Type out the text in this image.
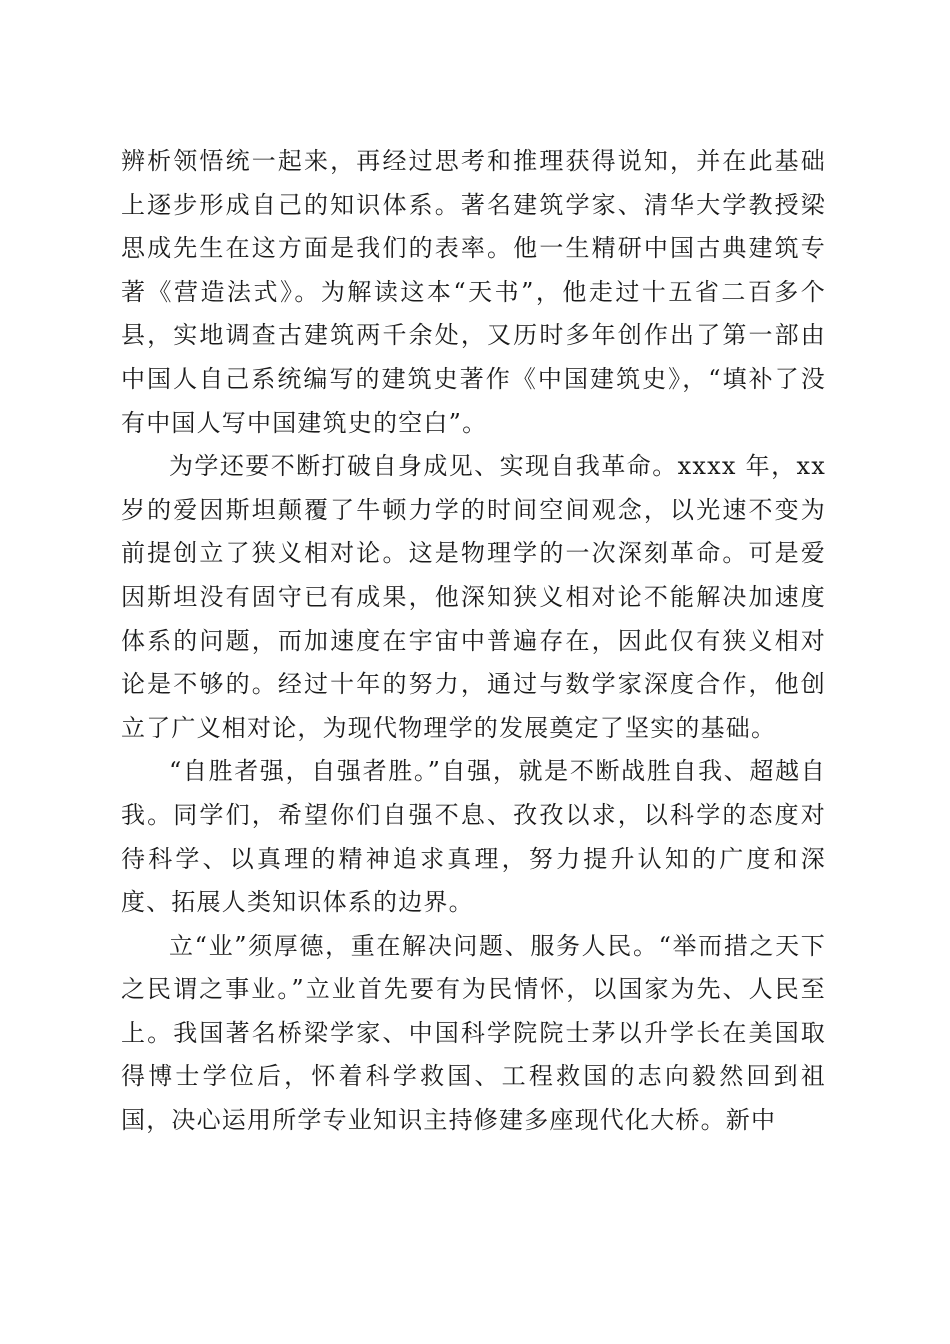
辨析领悟统一起来，再经过思考和推理获得说知，并在此基础上逐步形成自己的知识体系。著名建筑学家、清华大学教授梁思成先生在这方面是我们的表率。他一生精研中国古典建筑专著《营造法式》。为解读这本“天书”，他走过十五省二百多个县，实地调查古建筑两千余处，又历时多年创作出了第一部由中国人自己系统编写的建筑史著作《中国建筑史》，“填补了没有中国人写中国建筑史的空白”。

为学还要不断打破自身成见、实现自我革命。xxxx 年，xx 岁的爱因斯坦颠覆了牛顿力学的时间空间观念，以光速不变为前提创立了狭义相对论。这是物理学的一次深刻革命。可是爱因斯坦没有固守已有成果，他深知狭义相对论不能解决加速度体系的问题，而加速度在宇宙中普遍存在，因此仅有狭义相对论是不够的。经过十年的努力，通过与数学家深度合作，他创立了广义相对论，为现代物理学的发展奠定了坚实的基础。

“自胜者强，自强者胜。”自强，就是不断战胜自我、超越自我。同学们，希望你们自强不息、孜孜以求，以科学的态度对待科学、以真理的精神追求真理，努力提升认知的广度和深度、拓展人类知识体系的边界。

立“业”须厚德，重在解决问题、服务人民。“举而措之天下之民谓之事业。”立业首先要有为民情怀，以国家为先、人民至上。我国著名桥梁学家、中国科学院院士茅以升学长在美国取得博士学位后，怀着科学救国、工程救国的志向毅然回到祖国，决心运用所学专业知识主持修建多座现代化大桥。新中
